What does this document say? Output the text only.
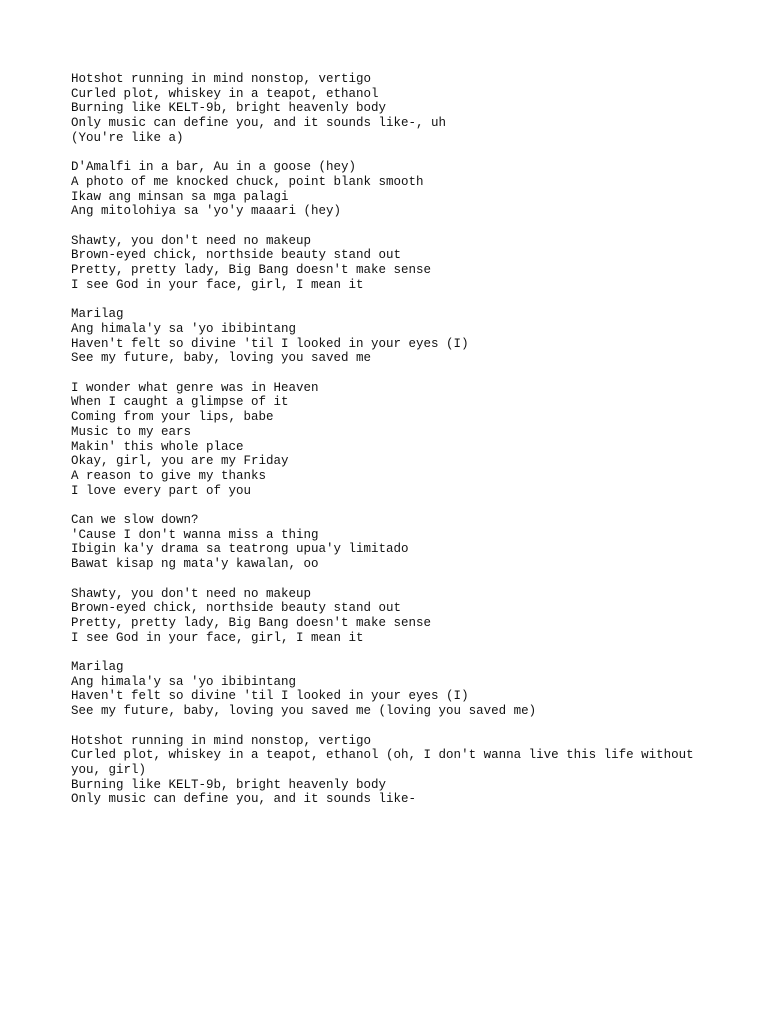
Hotshot running in mind nonstop, vertigo
Curled plot, whiskey in a teapot, ethanol
Burning like KELT-9b, bright heavenly body
Only music can define you, and it sounds like-, uh
(You're like a)
D'Amalfi in a bar, Au in a goose (hey)
A photo of me knocked chuck, point blank smooth
Ikaw ang minsan sa mga palagi
Ang mitolohiya sa 'yo'y maaari (hey)
Shawty, you don't need no makeup
Brown-eyed chick, northside beauty stand out
Pretty, pretty lady, Big Bang doesn't make sense
I see God in your face, girl, I mean it
Marilag
Ang himala'y sa 'yo ibibintang
Haven't felt so divine 'til I looked in your eyes (I)
See my future, baby, loving you saved me
I wonder what genre was in Heaven
When I caught a glimpse of it
Coming from your lips, babe
Music to my ears
Makin' this whole place
Okay, girl, you are my Friday
A reason to give my thanks
I love every part of you
Can we slow down?
'Cause I don't wanna miss a thing
Ibigin ka'y drama sa teatrong upua'y limitado
Bawat kisap ng mata'y kawalan, oo
Shawty, you don't need no makeup
Brown-eyed chick, northside beauty stand out
Pretty, pretty lady, Big Bang doesn't make sense
I see God in your face, girl, I mean it
Marilag
Ang himala'y sa 'yo ibibintang
Haven't felt so divine 'til I looked in your eyes (I)
See my future, baby, loving you saved me (loving you saved me)
Hotshot running in mind nonstop, vertigo
Curled plot, whiskey in a teapot, ethanol (oh, I don't wanna live this life without you, girl)
Burning like KELT-9b, bright heavenly body
Only music can define you, and it sounds like-
